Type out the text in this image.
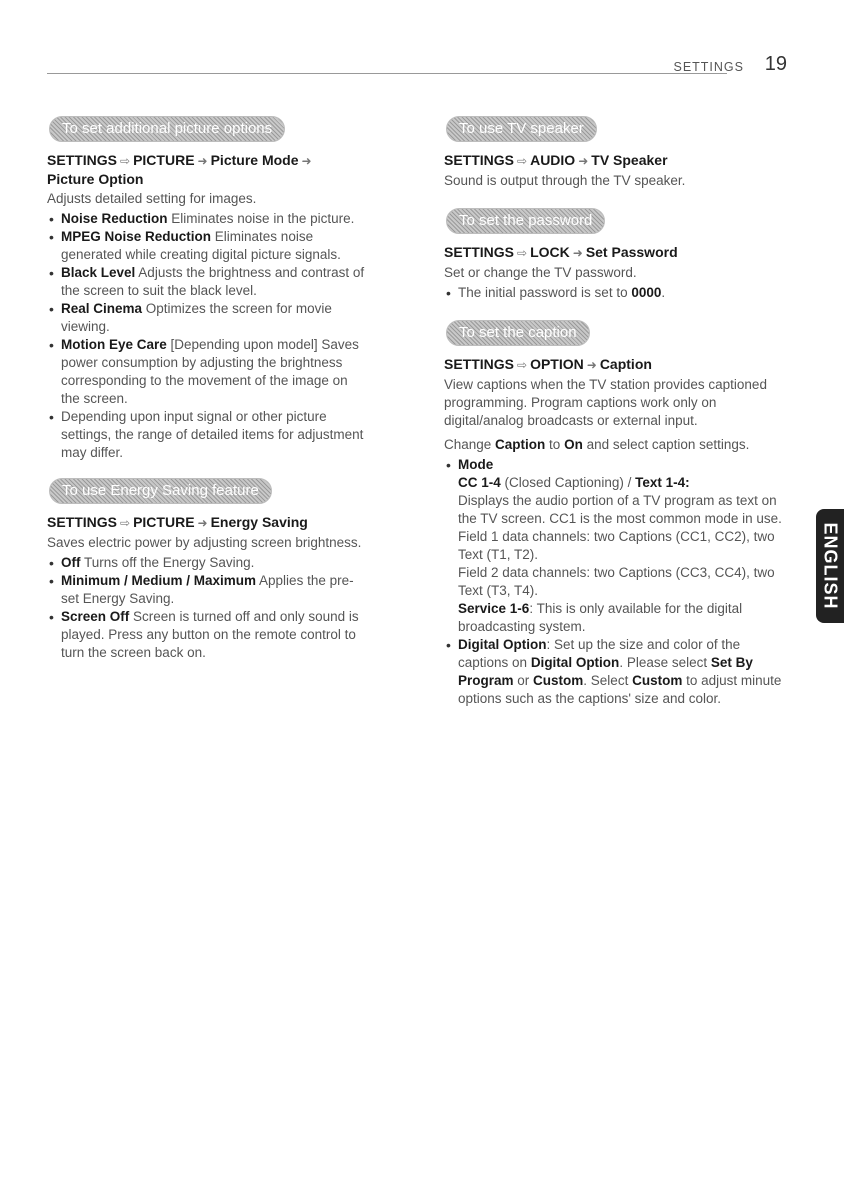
SETTINGS 19
To set additional picture options
SETTINGS ⇨ PICTURE ➜ Picture Mode ➜
Picture Option

Adjusts detailed setting for images.

• Noise Reduction Eliminates noise in the picture.
• MPEG Noise Reduction Eliminates noise generated while creating digital picture signals.
• Black Level Adjusts the brightness and contrast of the screen to suit the black level.
• Real Cinema Optimizes the screen for movie viewing.
• Motion Eye Care [Depending upon model] Saves power consumption by adjusting the brightness corresponding to the movement of the image on the screen.
• Depending upon input signal or other picture settings, the range of detailed items for adjustment may differ.
To use Energy Saving feature
SETTINGS ⇨ PICTURE ➜ Energy Saving

Saves electric power by adjusting screen brightness.

• Off Turns off the Energy Saving.
• Minimum / Medium / Maximum Applies the pre-set Energy Saving.
• Screen Off Screen is turned off and only sound is played. Press any button on the remote control to turn the screen back on.
To use TV speaker
SETTINGS ⇨ AUDIO ➜ TV Speaker

Sound is output through the TV speaker.

To set the password
SETTINGS ⇨ LOCK ➜ Set Password

Set or change the TV password.

• The initial password is set to 0000.
To set the caption
SETTINGS ⇨ OPTION ➜ Caption

View captions when the TV station provides captioned programming. Program captions work only on digital/analog broadcasts or external input.

Change Caption to On and select caption settings.

• Mode
CC 1-4 (Closed Captioning) / Text 1-4:
Displays the audio portion of a TV program as text on the TV screen. CC1 is the most common mode in use.
Field 1 data channels: two Captions (CC1, CC2), two Text (T1, T2).
Field 2 data channels: two Captions (CC3, CC4), two Text (T3, T4).
Service 1-6: This is only available for the digital broadcasting system.
• Digital Option: Set up the size and color of the captions on Digital Option. Please select Set By Program or Custom. Select Custom to adjust minute options such as the captions' size and color.
ENGLISH
